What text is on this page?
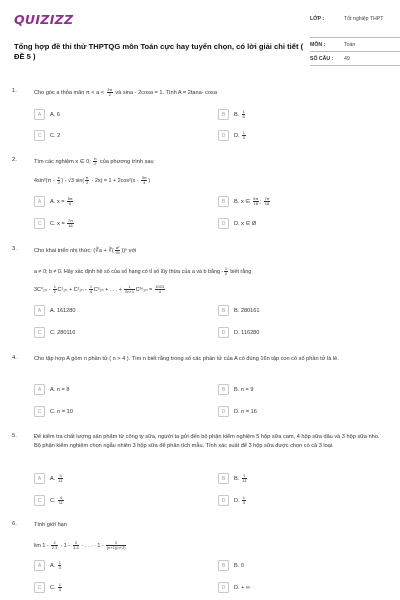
QUIZIZZ
Tổng hợp đề thi thử THPTQG môn Toán cực hay tuyển chọn, có lời giải chi tiết ( ĐỀ 5 )
LỚP :	Tốt nghiệp THPT
MÔN :	Toán
SỐ CÂU :	49
1.	Cho góc a thỏa mãn $\pi < a < \frac{3\pi}{2}$ và sina - 2cosa = 1. Tính A = 2tana- cosa
A	A. 6	B	B. $\frac{1}{6}$
C	C. 2	D	D. $\frac{1}{2}$
2.	Tìm các nghiệm x ∈ 0; $\frac{\pi}{2}$ của phương trình sau
$4\sin^2(\pi - \frac{x}{2}$ ) - √3 $\sin( \frac{\pi}{2} - 2x) = 1 + 2\cos^2(x - \frac{3\pi}{4}$ )
A	A. $x = \frac{5\pi}{6}$	B	B. x ∈ $\frac{5\pi}{18}$ ; $\frac{7\pi}{18}$
C	C. $x = \frac{7\pi}{18}$	D	D. x ∈ Ø
3.	Cho khai triển nhị thức: (∛a + ∛( $\frac{\text{a²}}{√b} ))^n$ với
a ≠ 0; b ≠ 0. Hãy xác định hệ số của số hạng có tỉ số lũy thừa của a và b bằng - $\frac{1}{2}$ biết rằng
$3C^0_{2n} - \frac{1}{2} C^1_{2n} + C^2_{2n} - \frac{1}{4} C^3_{2n}$ + . . . + $\frac{1}{2n+1} C^{2n}_{2n} = \frac{1023}{4}$
A	A. 161280	B	B. 280161
C	C. 280116	D	D. 116280
4.	Cho tập hợp A gồm n phần tử ( n > 4 ). Tìm n biết rằng trong số các phần tử của A có đúng 16n tập con có số phần tử là lẻ.
A	A. n = 8	B	B. n = 9
C	C. n = 10	D	D. n = 16
5.	Để kiểm tra chất lượng sản phẩm từ công ty sữa, người ta gửi đến bộ phận kiểm nghiệm 5 hộp sữa cam, 4 hộp sữa dâu và 3 hộp sữa nho. Bộ phận kiểm nghiệm chọn ngẫu nhiên 3 hộp sữa để phân tích mẫu. Tính xác suất để 3 hộp sữa được chọn có cả 3 loại.
A	A. $\frac{3}{11}$	B	B. $\frac{1}{11}$
C	C. $\frac{4}{11}$	D	D. $\frac{1}{3}$
6.	Tính giới hạn
$\lim 1 - \frac{2}{2.3} \cdot 1 - \frac{2}{3.4}$ · . . . · $1 - \frac{2}{(n+1)(n+2)}$
A	A. $\frac{1}{3}$	B	B. 0
C	C. $\frac{1}{3}$	D	D. + ∞
